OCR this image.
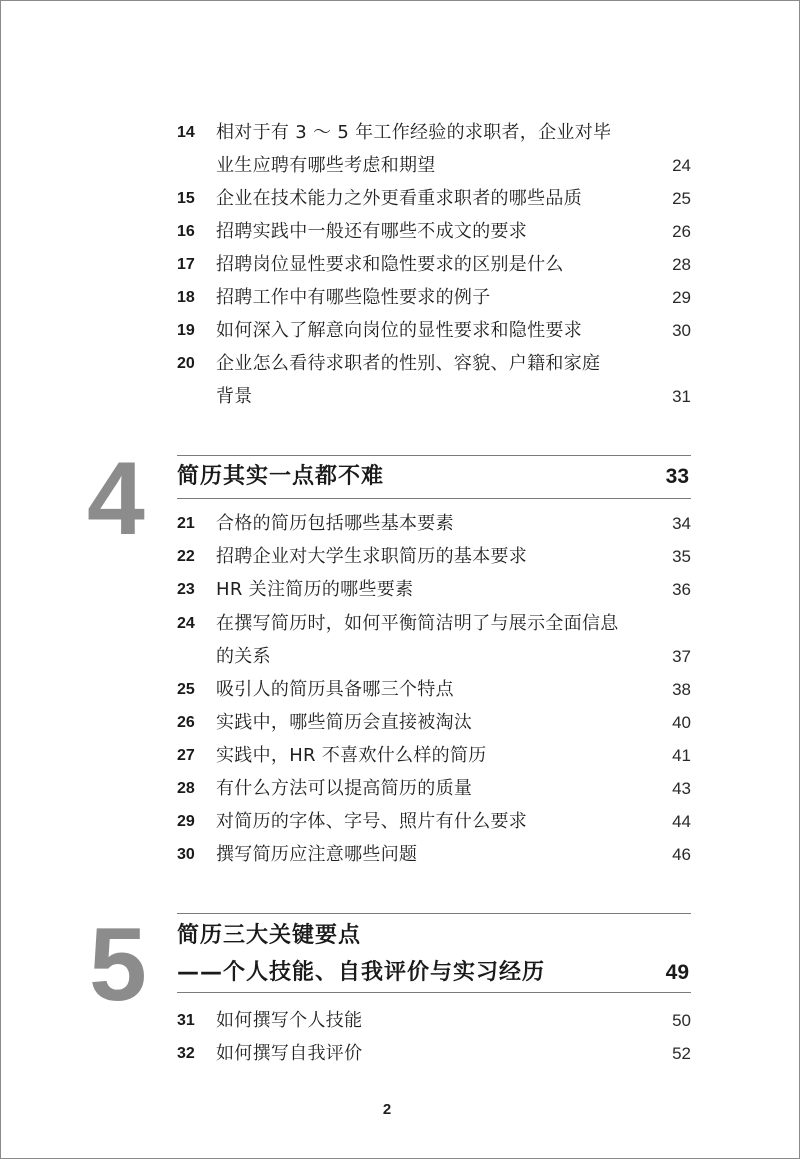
14 相对于有 3 ～ 5 年工作经验的求职者，企业对毕业生应聘有哪些考虑和期望	24
15 企业在技术能力之外更看重求职者的哪些品质	25
16 招聘实践中一般还有哪些不成文的要求	26
17 招聘岗位显性要求和隐性要求的区别是什么	28
18 招聘工作中有哪些隐性要求的例子	29
19 如何深入了解意向岗位的显性要求和隐性要求	30
20 企业怎么看待求职者的性别、容貌、户籍和家庭背景	31
4 简历其实一点都不难	33
21 合格的简历包括哪些基本要素	34
22 招聘企业对大学生求职简历的基本要求	35
23 HR 关注简历的哪些要素	36
24 在撰写简历时，如何平衡简洁明了与展示全面信息的关系	37
25 吸引人的简历具备哪三个特点	38
26 实践中，哪些简历会直接被淘汰	40
27 实践中，HR 不喜欢什么样的简历	41
28 有什么方法可以提高简历的质量	43
29 对简历的字体、字号、照片有什么要求	44
30 撰写简历应注意哪些问题	46
5 简历三大关键要点
——个人技能、自我评价与实习经历	49
31 如何撰写个人技能	50
32 如何撰写自我评价	52
2
